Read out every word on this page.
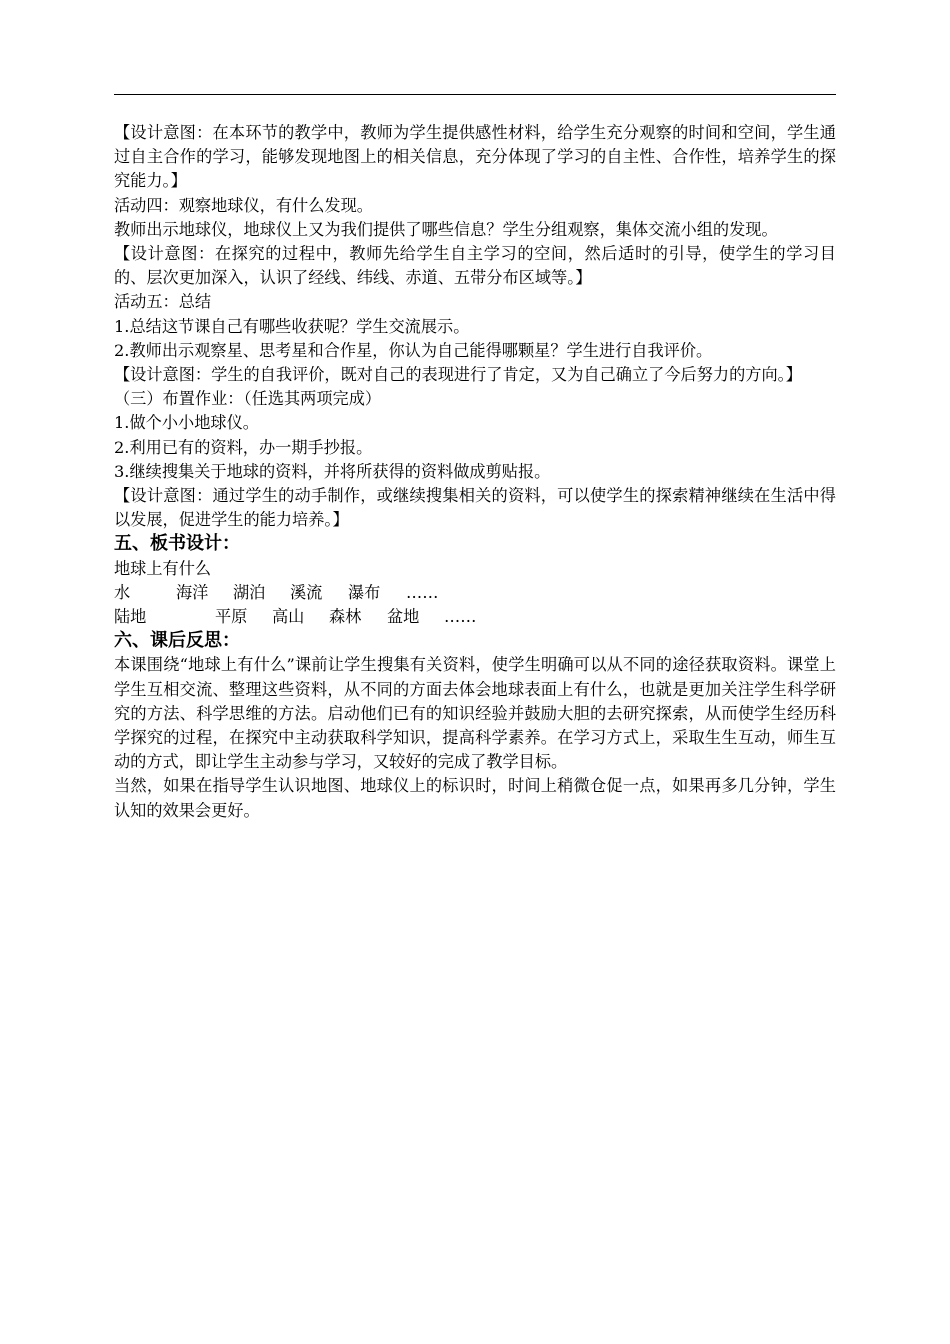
【设计意图：在本环节的教学中，教师为学生提供感性材料，给学生充分观察的时间和空间，学生通过自主合作的学习，能够发现地图上的相关信息，充分体现了学习的自主性、合作性，培养学生的探究能力。】

活动四：观察地球仪，有什么发现。

教师出示地球仪，地球仪上又为我们提供了哪些信息？学生分组观察，集体交流小组的发现。

【设计意图：在探究的过程中，教师先给学生自主学习的空间，然后适时的引导，使学生的学习目的、层次更加深入，认识了经线、纬线、赤道、五带分布区域等。】

活动五：总结

1.总结这节课自己有哪些收获呢？学生交流展示。

2.教师出示观察星、思考星和合作星，你认为自己能得哪颗星？学生进行自我评价。

【设计意图：学生的自我评价，既对自己的表现进行了肯定，又为自己确立了今后努力的方向。】

（三）布置作业：（任选其两项完成）

1.做个小小地球仪。

2.利用已有的资料，办一期手抄报。

3.继续搜集关于地球的资料，并将所获得的资料做成剪贴报。

【设计意图：通过学生的动手制作，或继续搜集相关的资料，可以使学生的探索精神继续在生活中得以发展，促进学生的能力培养。】

五、板书设计：

地球上有什么

水	海洋 湖泊 溪流 瀑布 ……
陆地	平原 高山 森林 盆地 ……

六、课后反思：

本课围绕“地球上有什么”课前让学生搜集有关资料，使学生明确可以从不同的途径获取资料。课堂上学生互相交流、整理这些资料，从不同的方面去体会地球表面上有什么，也就是更加关注学生科学研究的方法、科学思维的方法。启动他们已有的知识经验并鼓励大胆的去研究探索，从而使学生经历科学探究的过程，在探究中主动获取科学知识，提高科学素养。在学习方式上，采取生生互动，师生互动的方式，即让学生主动参与学习，又较好的完成了教学目标。

当然，如果在指导学生认识地图、地球仪上的标识时，时间上稍微仓促一点，如果再多几分钟，学生认知的效果会更好。
